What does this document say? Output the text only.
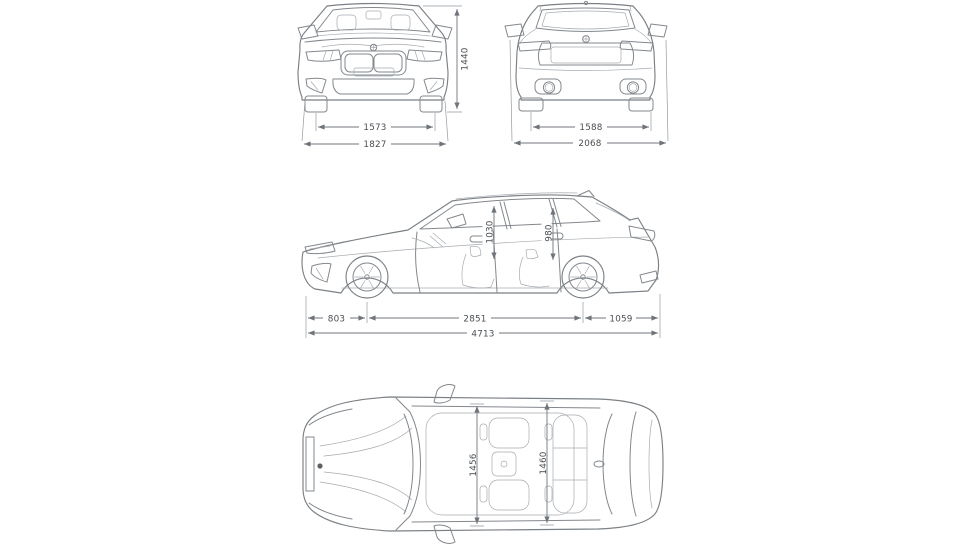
1440
1573
1827
1588
2068
1030	980
803	2851	1059
4713
1456	1460
